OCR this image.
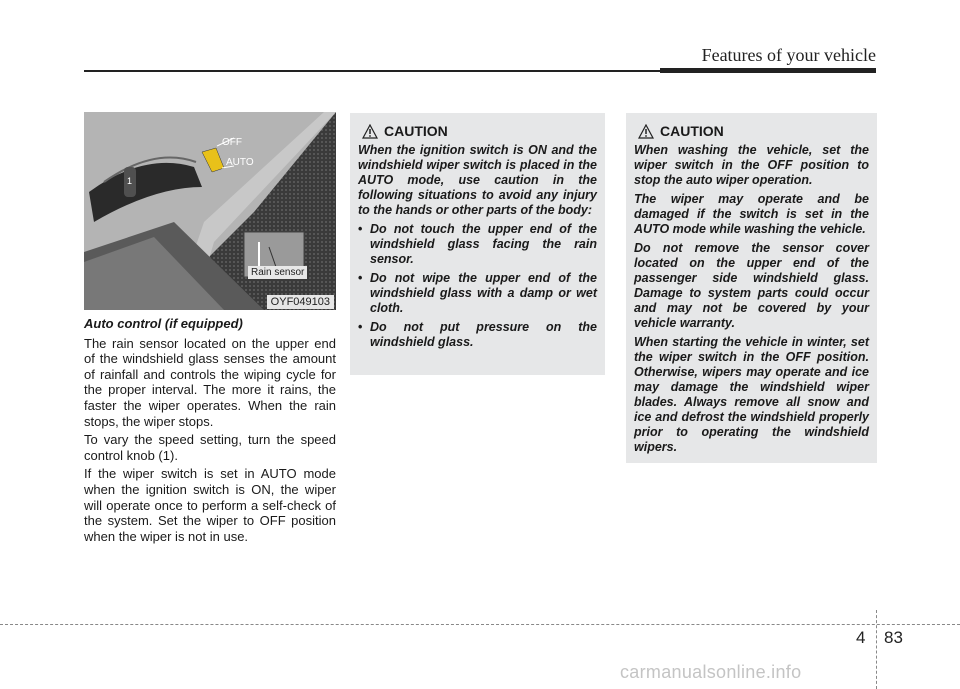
Features of your vehicle
1
OFF
AUTO
Rain sensor
OYF049103

Auto control (if equipped)

The rain sensor located on the upper end of the windshield glass senses the amount of rainfall and controls the wiping cycle for the proper interval. The more it rains, the faster the wiper operates. When the rain stops, the wiper stops.

To vary the speed setting, turn the speed control knob (1).

If the wiper switch is set in AUTO mode when the ignition switch is ON, the wiper will operate once to perform a self-check of the system. Set the wiper to OFF position when the wiper is not in use.

CAUTION

When the ignition switch is ON and the windshield wiper switch is placed in the AUTO mode, use caution in the following situations to avoid any injury to the hands or other parts of the body:

• Do not touch the upper end of the windshield glass facing the rain sensor.
• Do not wipe the upper end of the windshield glass with a damp or wet cloth.
• Do not put pressure on the windshield glass.
CAUTION

When washing the vehicle, set the wiper switch in the OFF position to stop the auto wiper operation.

The wiper may operate and be damaged if the switch is set in the AUTO mode while washing the vehicle.

Do not remove the sensor cover located on the upper end of the passenger side windshield glass. Damage to system parts could occur and may not be covered by your vehicle warranty.

When starting the vehicle in winter, set the wiper switch in the OFF position. Otherwise, wipers may operate and ice may damage the windshield wiper blades. Always remove all snow and ice and defrost the windshield properly prior to operating the windshield wipers.

4 83
carmanualsonline.info
